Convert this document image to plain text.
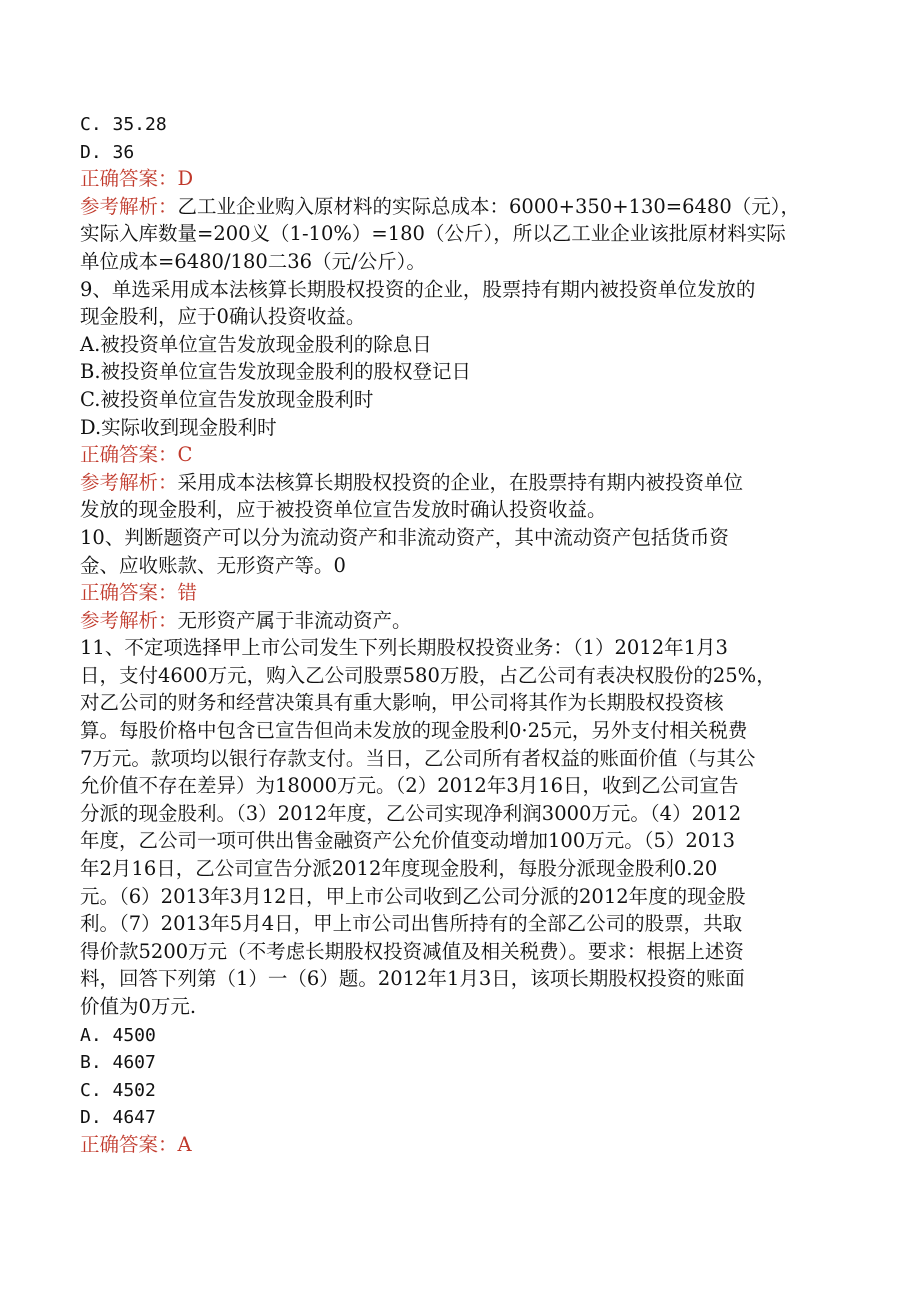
C. 35.28
D. 36
正确答案：D
参考解析：乙工业企业购入原材料的实际总成本：6000+350+130=6480（元），
实际入库数量=200义（1-10%）=180（公斤），所以乙工业企业该批原材料实际
单位成本=6480/180二36（元/公斤）。
9、单选采用成本法核算长期股权投资的企业，股票持有期内被投资单位发放的
现金股利，应于0确认投资收益。
A.被投资单位宣告发放现金股利的除息日
B.被投资单位宣告发放现金股利的股权登记日
C.被投资单位宣告发放现金股利时
D.实际收到现金股利时
正确答案：C
参考解析：采用成本法核算长期股权投资的企业，在股票持有期内被投资单位
发放的现金股利，应于被投资单位宣告发放时确认投资收益。
10、判断题资产可以分为流动资产和非流动资产，其中流动资产包括货币资
金、应收账款、无形资产等。0
正确答案：错
参考解析：无形资产属于非流动资产。
11、不定项选择甲上市公司发生下列长期股权投资业务：（1）2012年1月3
日，支付4600万元，购入乙公司股票580万股，占乙公司有表决权股份的25%，
对乙公司的财务和经营决策具有重大影响，甲公司将其作为长期股权投资核
算。每股价格中包含已宣告但尚未发放的现金股利0·25元，另外支付相关税费
7万元。款项均以银行存款支付。当日，乙公司所有者权益的账面价值（与其公
允价值不存在差异）为18000万元。（2）2012年3月16日，收到乙公司宣告
分派的现金股利。（3）2012年度，乙公司实现净利润3000万元。（4）2012
年度，乙公司一项可供出售金融资产公允价值变动增加100万元。（5）2013
年2月16日，乙公司宣告分派2012年度现金股利，每股分派现金股利0.20
元。（6）2013年3月12日，甲上市公司收到乙公司分派的2012年度的现金股
利。（7）2013年5月4日，甲上市公司出售所持有的全部乙公司的股票，共取
得价款5200万元（不考虑长期股权投资减值及相关税费）。要求：根据上述资
料，回答下列第（1）一（6）题。2012年1月3日，该项长期股权投资的账面
价值为0万元.
A. 4500
B. 4607
C. 4502
D. 4647
正确答案：A
